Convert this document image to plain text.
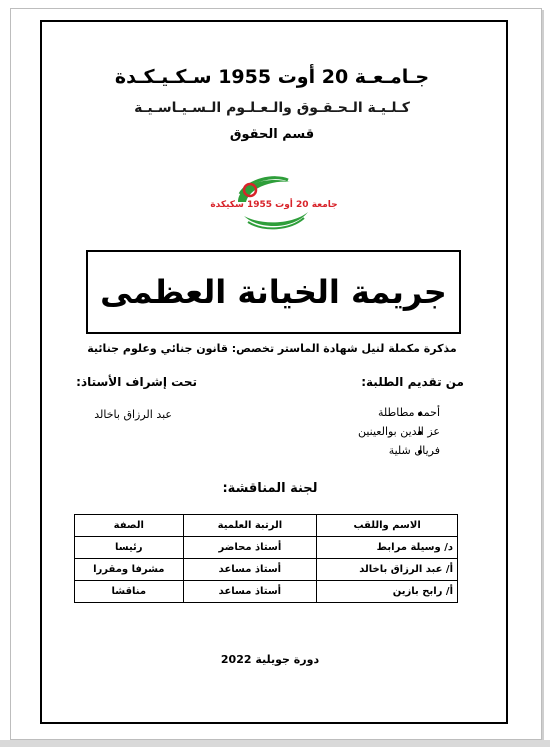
جـامـعـة 20 أوت 1955 سـكـيـكـدة
كـلـيـة الـحـقـوق والـعـلـوم الـسـيـاسـيـة
قسم الحقوق
جامعة 20 أوت 1955 سكيكدة
جريمة الخيانة العظمى
مذكرة مكملة لنيل شهادة الماستر تخصص: قانون جنائي وعلوم جنائية
من تقديم الطلبة:
تحت إشراف الأستاذ:
أحمد مطاطلة
عز الدين بوالعينين
فريال شلية
عبد الرزاق باخالد
لجنة المناقشة:
الاسم واللقب	الرتبة العلمية	الصفة
د/ وسيلة مرابط	أستاذ محاضر	رئيسا
أ/ عبد الرزاق باخالد	أستاذ مساعد	مشرفا ومقررا
أ/ رابح بازين	أستاذ مساعد	مناقشا
دورة جويلية 2022
